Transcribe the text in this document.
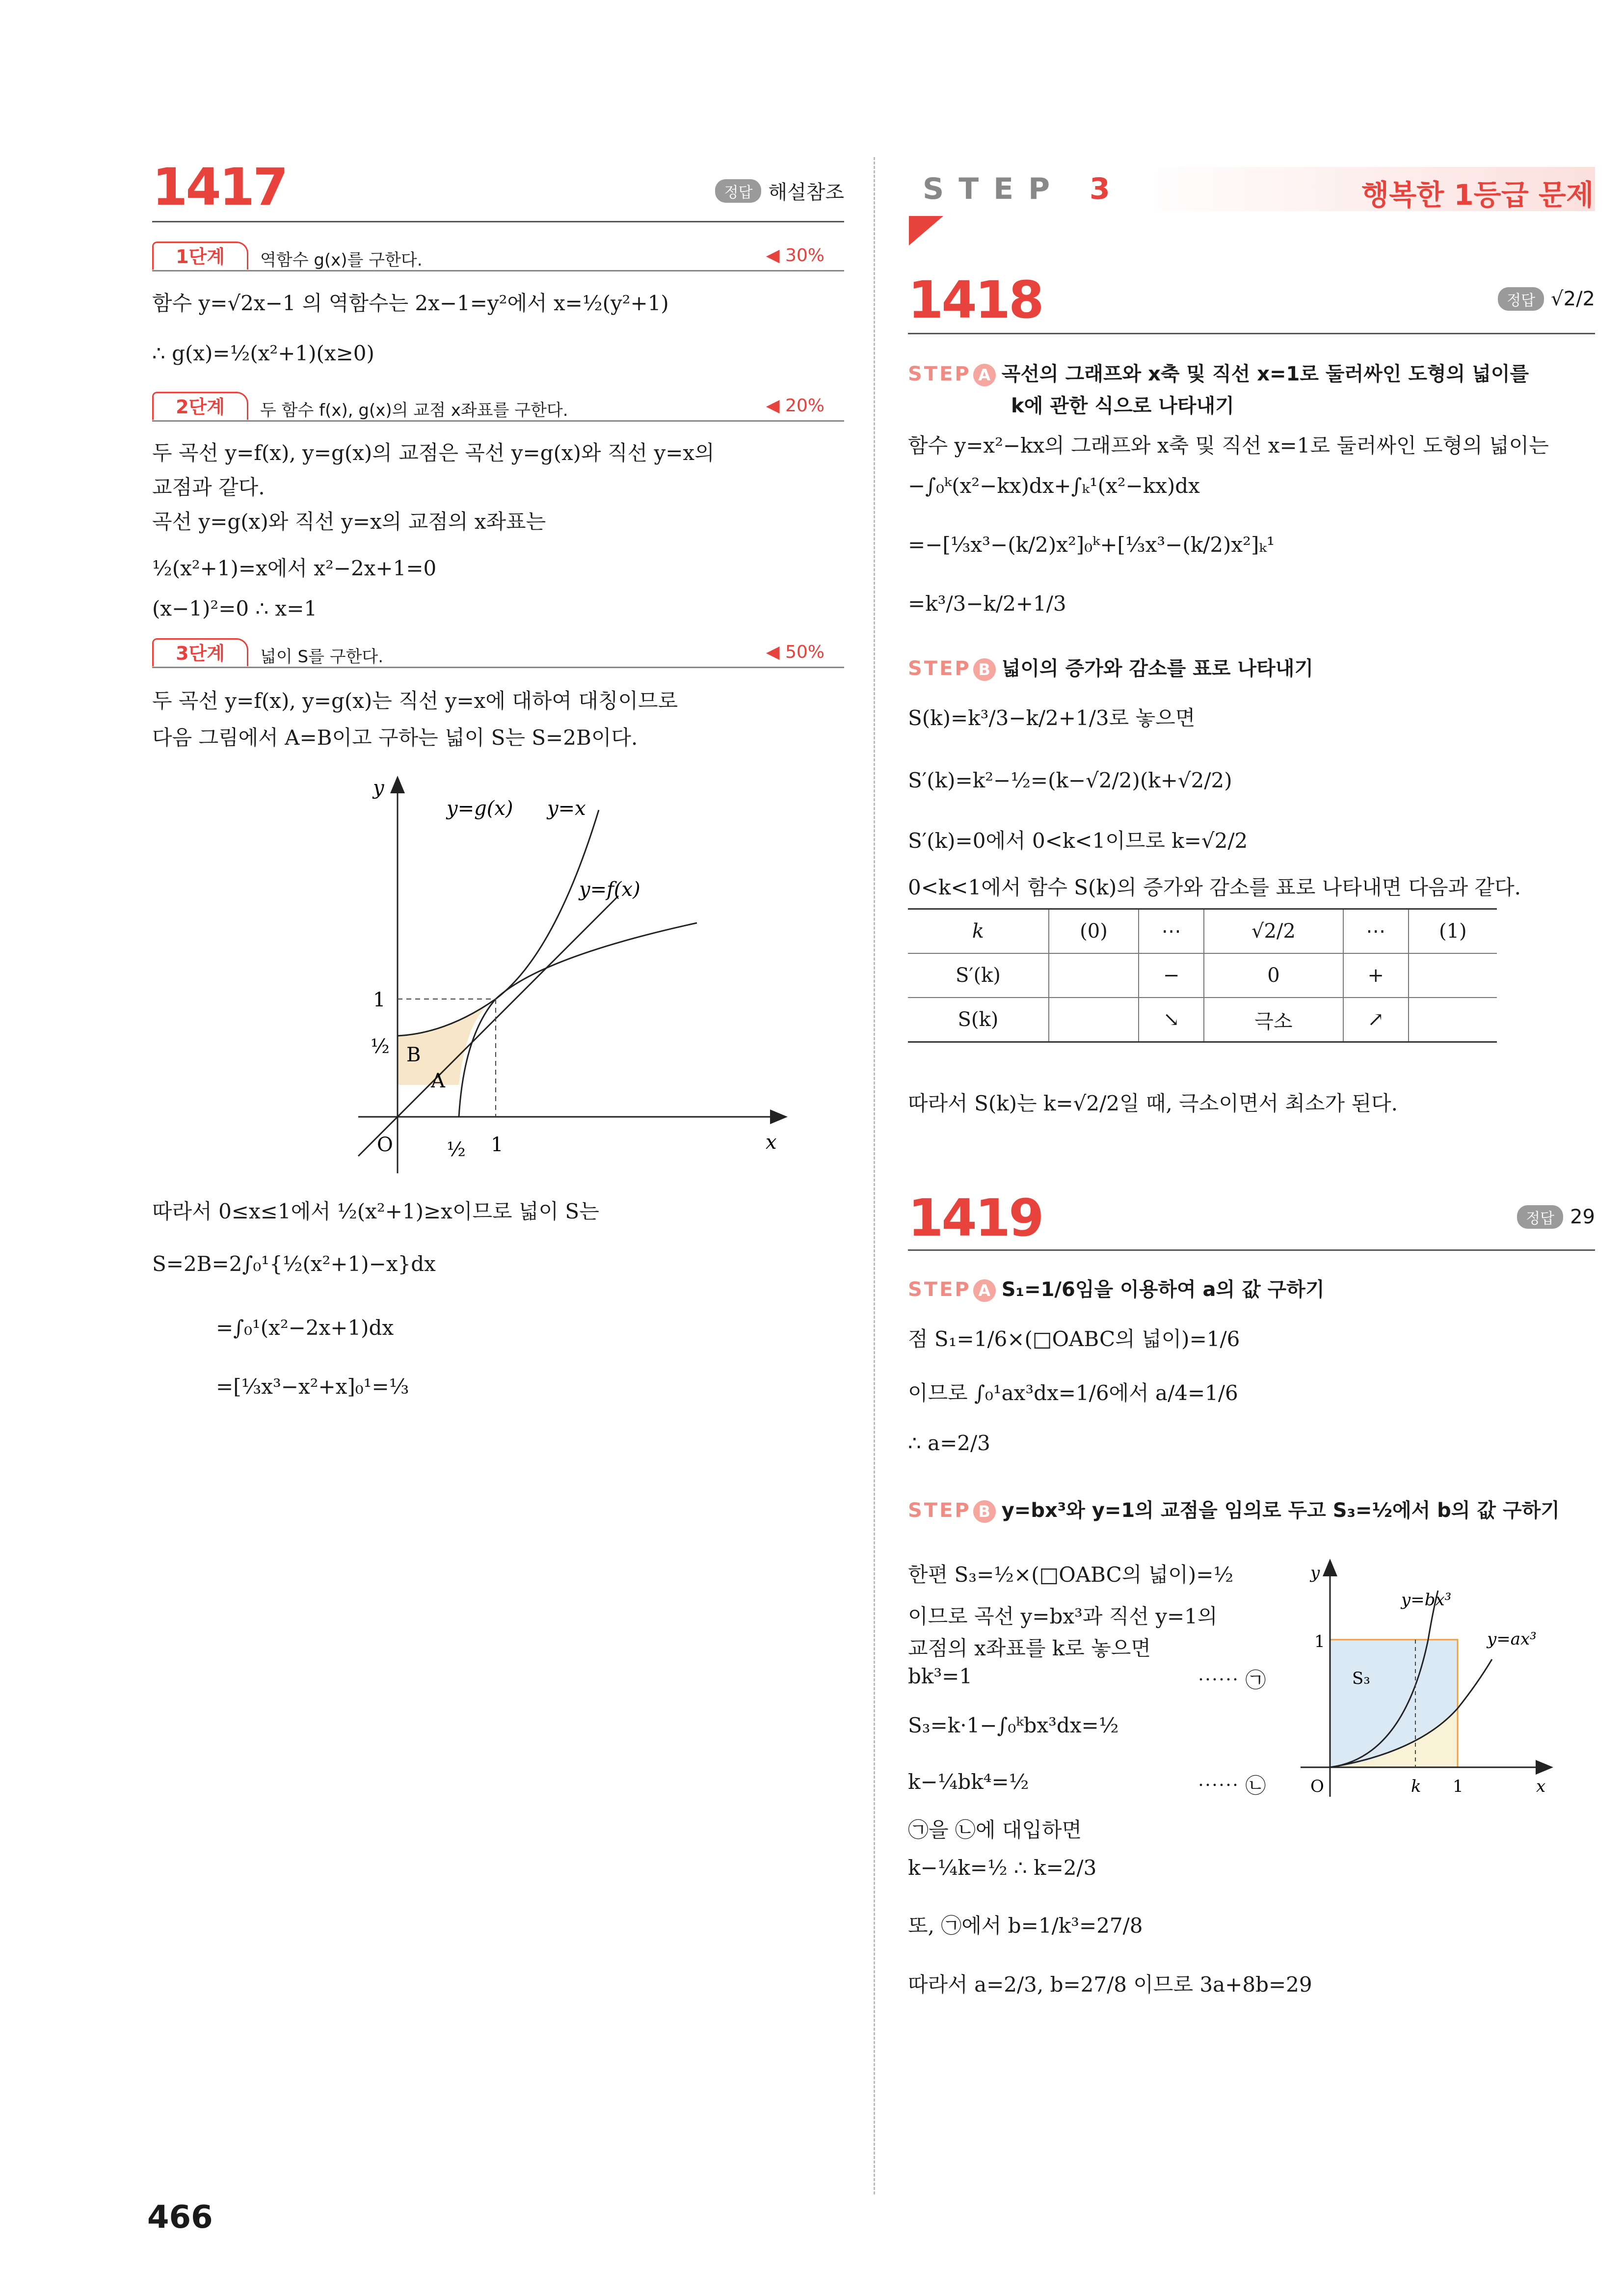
1417	정답 해설참조
1단계	역함수 g(x)를 구한다.	◀ 30%
함수 y=√2x−1 의 역함수는 2x−1=y²에서 x=½(y²+1)
∴ g(x)=½(x²+1)(x≥0)
2단계	두 함수 f(x), g(x)의 교점 x좌표를 구한다.	◀ 20%
두 곡선 y=f(x), y=g(x)의 교점은 곡선 y=g(x)와 직선 y=x의
교점과 같다.
곡선 y=g(x)와 직선 y=x의 교점의 x좌표는
½(x²+1)=x에서 x²−2x+1=0
(x−1)²=0 ∴ x=1
3단계	넓이 S를 구한다.	◀ 50%
두 곡선 y=f(x), y=g(x)는 직선 y=x에 대하여 대칭이므로
다음 그림에서 A=B이고 구하는 넓이 S는 S=2B이다.
y
x
O
y=g(x) y=x
y=f(x)
1
½
½ 1
B
A
따라서 0≤x≤1에서 ½(x²+1)≥x이므로 넓이 S는
S=2B=2∫₀¹{½(x²+1)−x}dx
=∫₀¹(x²−2x+1)dx
=[⅓x³−x²+x]₀¹=⅓
STEP 3	행복한 1등급 문제
1418	정답 √2/2
STEP A 곡선의 그래프와 x축 및 직선 x=1로 둘러싸인 도형의 넓이를
k에 관한 식으로 나타내기
함수 y=x²−kx의 그래프와 x축 및 직선 x=1로 둘러싸인 도형의 넓이는
−∫₀ᵏ(x²−kx)dx+∫ₖ¹(x²−kx)dx
=−[⅓x³−(k/2)x²]₀ᵏ+[⅓x³−(k/2)x²]ₖ¹
=k³/3−k/2+1/3
STEP B 넓이의 증가와 감소를 표로 나타내기
S(k)=k³/3−k/2+1/3로 놓으면
S′(k)=k²−½=(k−√2/2)(k+√2/2)
S′(k)=0에서 0<k<1이므로 k=√2/2
0<k<1에서 함수 S(k)의 증가와 감소를 표로 나타내면 다음과 같다.
k	(0)	⋯	√2/2	⋯	(1)
S′(k)		−	0	+	
S(k)		↘	극소	↗	
따라서 S(k)는 k=√2/2일 때, 극소이면서 최소가 된다.
1419	정답 29
STEP A S₁=1/6임을 이용하여 a의 값 구하기
점 S₁=1/6×(□OABC의 넓이)=1/6
이므로 ∫₀¹ax³dx=1/6에서 a/4=1/6
∴ a=2/3
STEP B y=bx³와 y=1의 교점을 임의로 두고 S₃=½에서 b의 값 구하기
한편 S₃=½×(□OABC의 넓이)=½
이므로 곡선 y=bx³과 직선 y=1의
교점의 x좌표를 k로 놓으면
bk³=1	⋯⋯ ㉠
S₃=k·1−∫₀ᵏbx³dx=½
k−¼bk⁴=½	⋯⋯ ㉡
㉠을 ㉡에 대입하면
k−¼k=½ ∴ k=2/3
또, ㉠에서 b=1/k³=27/8
따라서 a=2/3, b=27/8 이므로 3a+8b=29
y
x
O
y=bx³
y=ax³
1
k 1
S₃
466
